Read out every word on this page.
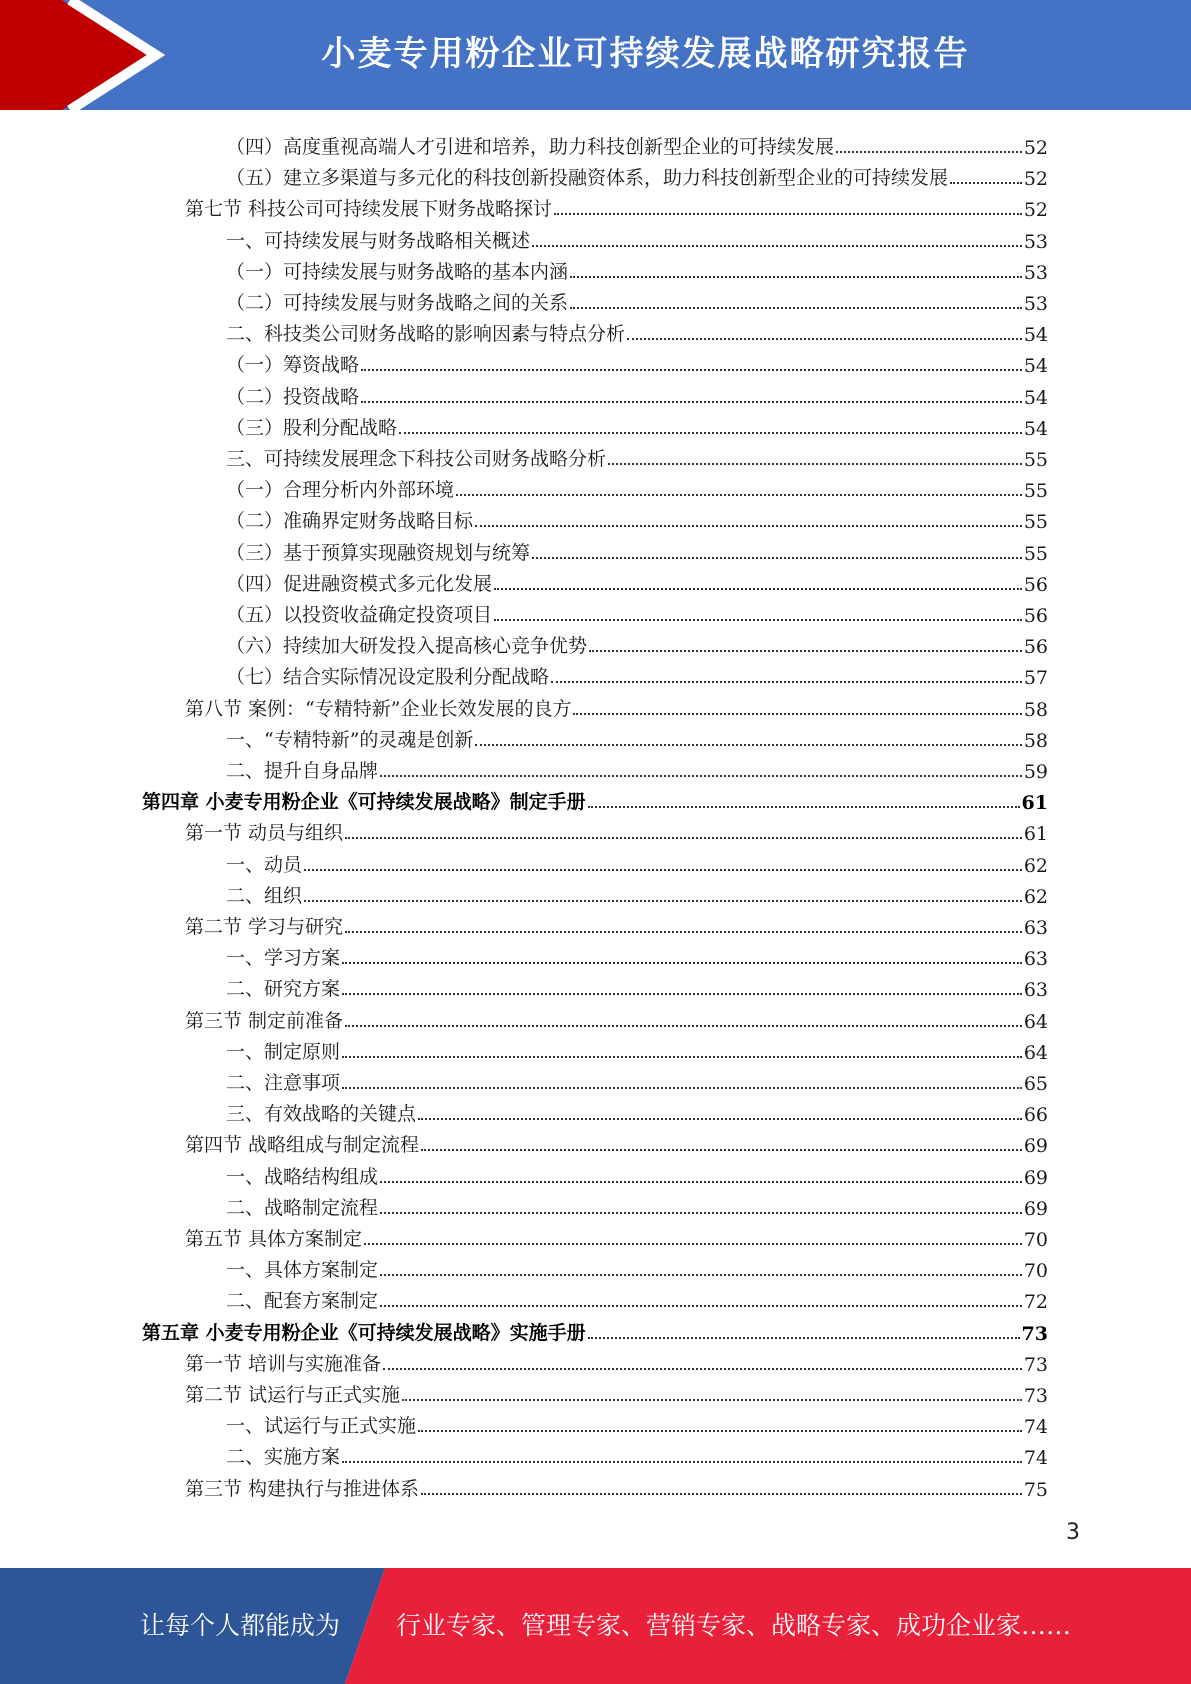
小麦专用粉企业可持续发展战略研究报告
（四）高度重视高端人才引进和培养，助力科技创新型企业的可持续发展	52
（五）建立多渠道与多元化的科技创新投融资体系，助力科技创新型企业的可持续发展	52
第七节 科技公司可持续发展下财务战略探讨	52
一、可持续发展与财务战略相关概述	53
（一）可持续发展与财务战略的基本内涵	53
（二）可持续发展与财务战略之间的关系	53
二、科技类公司财务战略的影响因素与特点分析	54
（一）筹资战略	54
（二）投资战略	54
（三）股利分配战略	54
三、可持续发展理念下科技公司财务战略分析	55
（一）合理分析内外部环境	55
（二）准确界定财务战略目标	55
（三）基于预算实现融资规划与统筹	55
（四）促进融资模式多元化发展	56
（五）以投资收益确定投资项目	56
（六）持续加大研发投入提高核心竞争优势	56
（七）结合实际情况设定股利分配战略	57
第八节 案例：“专精特新”企业长效发展的良方	58
一、“专精特新”的灵魂是创新	58
二、提升自身品牌	59
第四章 小麦专用粉企业《可持续发展战略》制定手册	61
第一节 动员与组织	61
一、动员	62
二、组织	62
第二节 学习与研究	63
一、学习方案	63
二、研究方案	63
第三节 制定前准备	64
一、制定原则	64
二、注意事项	65
三、有效战略的关键点	66
第四节 战略组成与制定流程	69
一、战略结构组成	69
二、战略制定流程	69
第五节 具体方案制定	70
一、具体方案制定	70
二、配套方案制定	72
第五章 小麦专用粉企业《可持续发展战略》实施手册	73
第一节 培训与实施准备	73
第二节 试运行与正式实施	73
一、试运行与正式实施	74
二、实施方案	74
第三节 构建执行与推进体系	75
3
让每个人都能成为 行业专家、管理专家、营销专家、战略专家、成功企业家……
